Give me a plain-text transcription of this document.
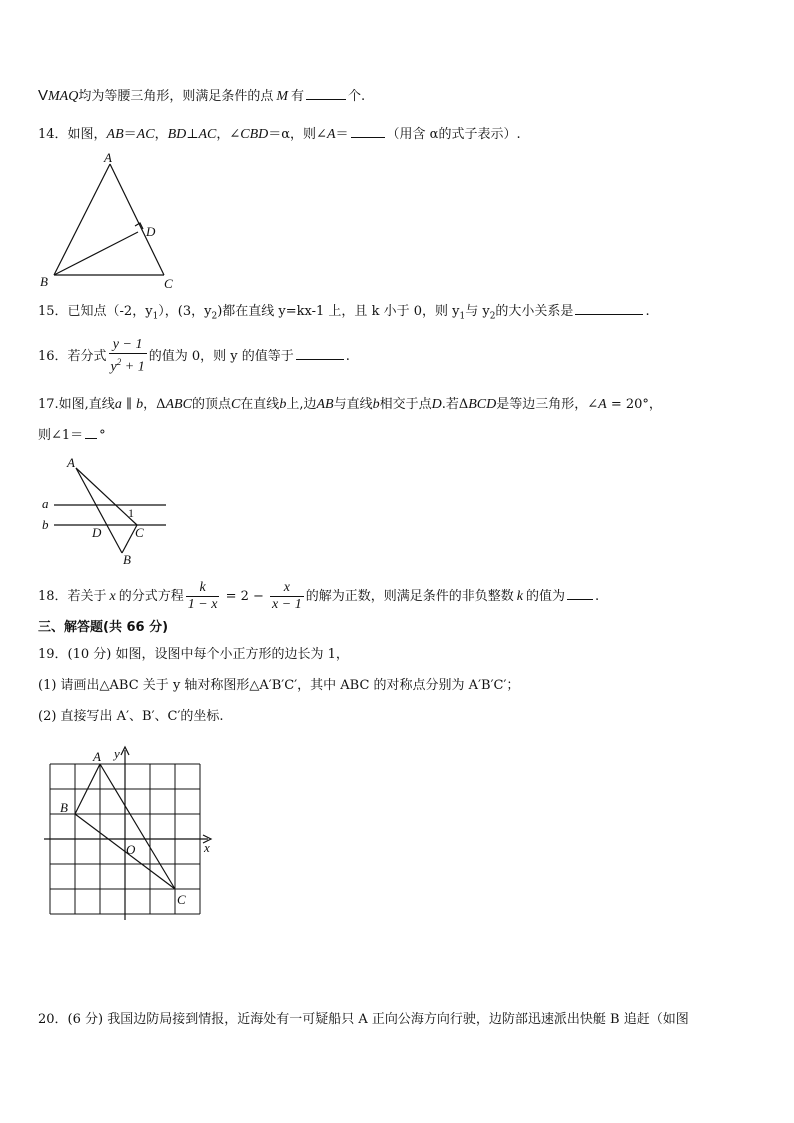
VMAQ均为等腰三角形，则满足条件的点 M 有	个.
14．如图，AB＝AC，BD⊥AC，∠CBD＝α，则∠A＝	（用含 α的式子表示）.
A
D
B	C
15．已知点（-2，$y_1$），(3，$y_2$)都在直线 y=kx-1 上，且 k 小于 0，则 $y_1$与 $y_2$的大小关系是	.
16．若分式 $\frac{y - 1}{y^2 + 1}$ 的值为 0，则 y 的值等于	.
17.如图,直线a ∥ b，ΔABC的顶点C在直线b上,边AB与直线b相交于点D.若ΔBCD是等边三角形，∠A = 20°，
则∠1＝ °
A
a
b
1
D	C
B
18．若关于 x 的分式方程 $\frac{k}{1 - x} = 2 - \frac{x}{x - 1}$ 的解为正数，则满足条件的非负整数 k 的值为 .
三、解答题(共 66 分)
19．(10 分) 如图，设图中每个小正方形的边长为 1，
(1) 请画出△ABC 关于 y 轴对称图形△A′B′C′，其中 ABC 的对称点分别为 A′B′C′；
(2) 直接写出 A′、B′、C′的坐标.
A y
B
O	x
C
20．(6 分) 我国边防局接到情报，近海处有一可疑船只 A 正向公海方向行驶，边防部迅速派出快艇 B 追赶（如图
